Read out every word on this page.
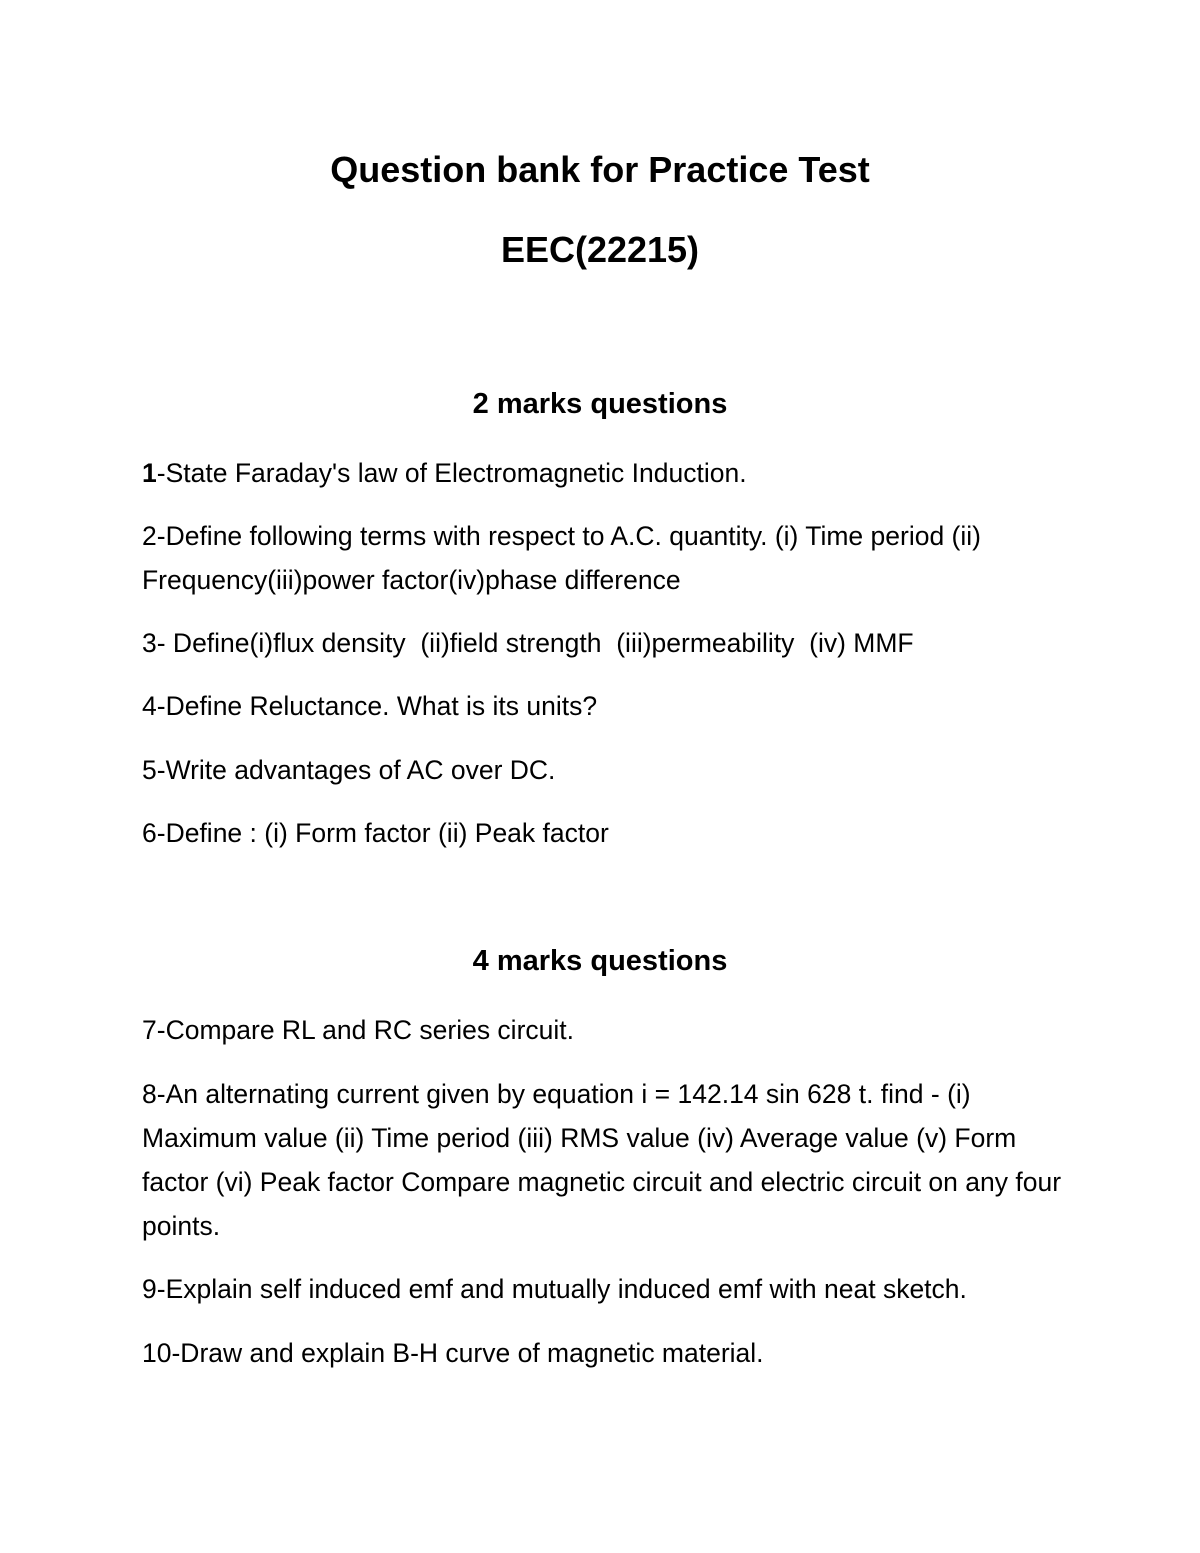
Question bank for Practice Test
EEC(22215)
2 marks questions

1-State Faraday's law of Electromagnetic Induction.

2-Define following terms with respect to A.C. quantity. (i) Time period (ii) Frequency(iii)power factor(iv)phase difference

3- Define(i)flux density  (ii)field strength  (iii)permeability  (iv) MMF

4-Define Reluctance. What is its units?

5-Write advantages of AC over DC.

6-Define : (i) Form factor (ii) Peak factor

4 marks questions

7-Compare RL and RC series circuit.

8-An alternating current given by equation i = 142.14 sin 628 t. find - (i) Maximum value (ii) Time period (iii) RMS value (iv) Average value (v) Form factor (vi) Peak factor Compare magnetic circuit and electric circuit on any four points.

9-Explain self induced emf and mutually induced emf with neat sketch.

10-Draw and explain B-H curve of magnetic material.
